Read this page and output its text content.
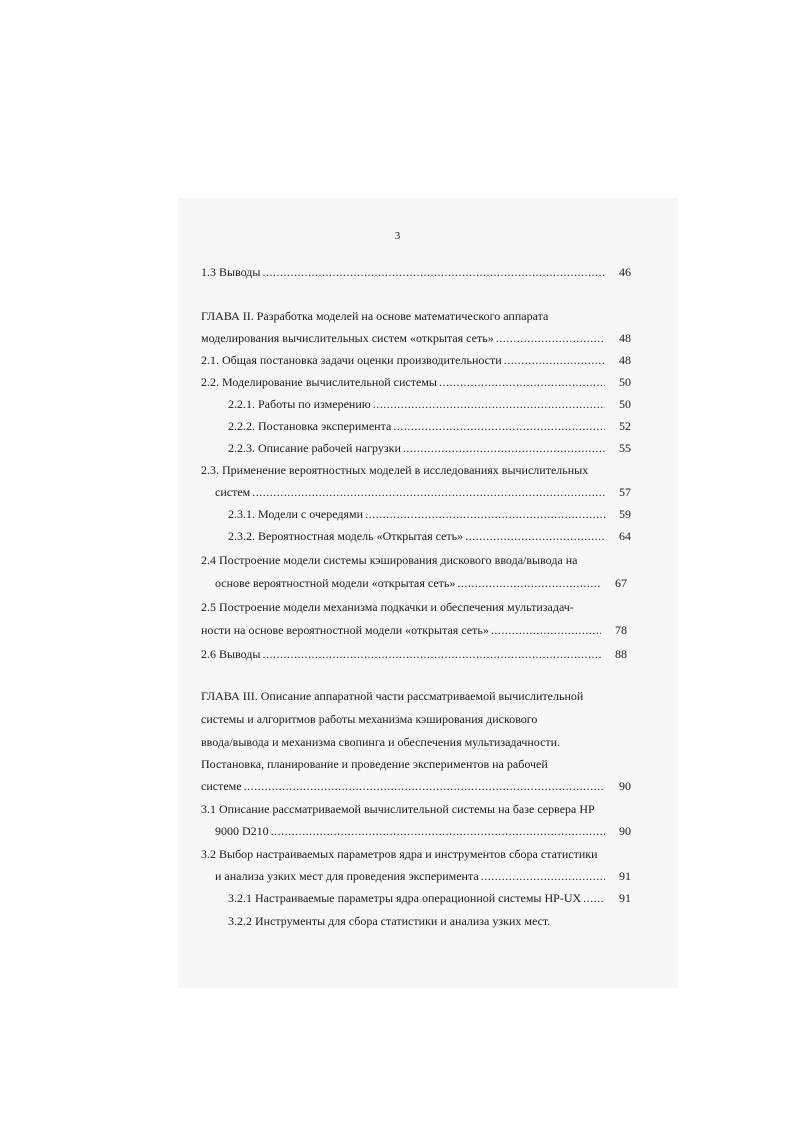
3
1.3 Выводы .....	46
ГЛАВА II. Разработка моделей на основе математического аппарата
моделирования вычислительных систем «открытая сеть» .....	48
2.1. Общая постановка задачи оценки производительности .....	48
2.2. Моделирование вычислительной системы .....	50
2.2.1. Работы по измерению .....	50
2.2.2. Постановка эксперимента .....	52
2.2.3. Описание рабочей нагрузки .....	55
2.3. Применение вероятностных моделей в исследованиях вычислительных
систем .....	57
2.3.1. Модели с очередями .....	59
2.3.2. Вероятностная модель «Открытая сеть» .....	64
2.4 Построение модели системы кэширования дискового ввода/вывода на
основе вероятностной модели «открытая сеть» .....	67
2.5 Построение модели механизма подкачки и обеспечения мультизадач-
ности на основе вероятностной модели «открытая сеть» .....	78
2.6 Выводы .....	88
ГЛАВА III. Описание аппаратной части рассматриваемой вычислительной
системы и алгоритмов работы механизма кэширования дискового
ввода/вывода и механизма свопинга и обеспечения мультизадачности.
Постановка, планирование и проведение экспериментов на рабочей
системе .....	90
3.1 Описание рассматриваемой вычислительной системы на базе сервера HP
9000 D210 .....	90
3.2 Выбор настраиваемых параметров ядра и инструментов сбора статистики
и анализа узких мест для проведения эксперимента .....	91
3.2.1 Настраиваемые параметры ядра операционной системы HP-UX .....	91
3.2.2 Инструменты для сбора статистики и анализа узких мест.
